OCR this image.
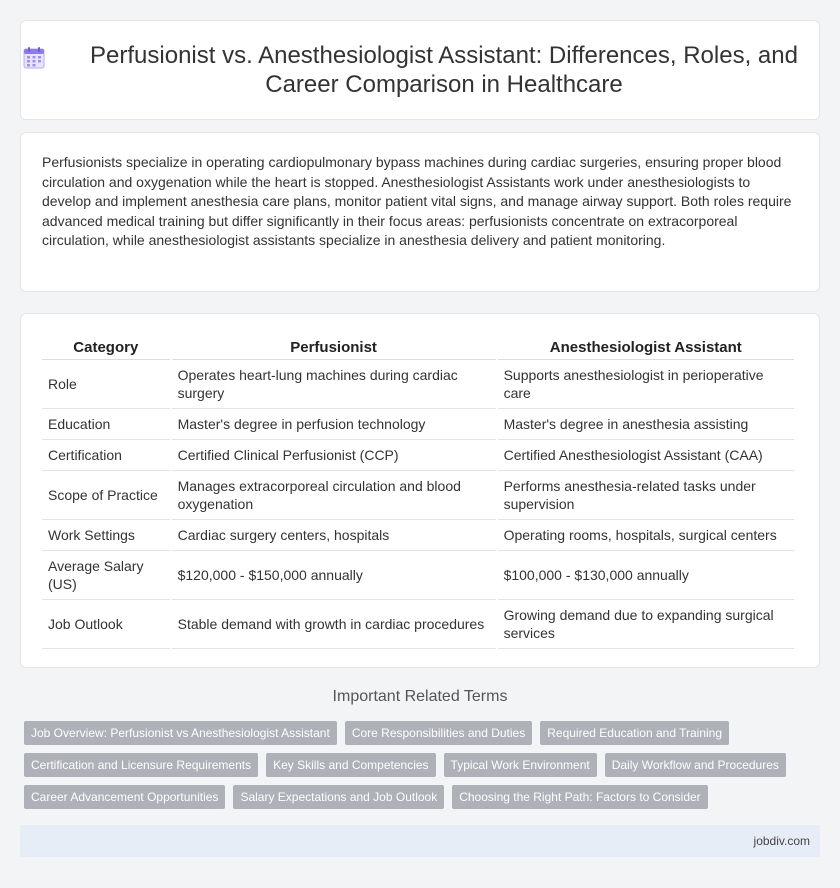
Perfusionist vs. Anesthesiologist Assistant: Differences, Roles, and Career Comparison in Healthcare

Perfusionists specialize in operating cardiopulmonary bypass machines during cardiac surgeries, ensuring proper blood circulation and oxygenation while the heart is stopped. Anesthesiologist Assistants work under anesthesiologists to develop and implement anesthesia care plans, monitor patient vital signs, and manage airway support. Both roles require advanced medical training but differ significantly in their focus areas: perfusionists concentrate on extracorporeal circulation, while anesthesiologist assistants specialize in anesthesia delivery and patient monitoring.

Category	Perfusionist	Anesthesiologist Assistant
Role	Operates heart-lung machines during cardiac surgery	Supports anesthesiologist in perioperative care
Education	Master's degree in perfusion technology	Master's degree in anesthesia assisting
Certification	Certified Clinical Perfusionist (CCP)	Certified Anesthesiologist Assistant (CAA)
Scope of Practice	Manages extracorporeal circulation and blood oxygenation	Performs anesthesia-related tasks under supervision
Work Settings	Cardiac surgery centers, hospitals	Operating rooms, hospitals, surgical centers
Average Salary (US)	$120,000 - $150,000 annually	$100,000 - $130,000 annually
Job Outlook	Stable demand with growth in cardiac procedures	Growing demand due to expanding surgical services
Important Related Terms
Job Overview: Perfusionist vs Anesthesiologist Assistant	Core Responsibilities and Duties	Required Education and Training
Certification and Licensure Requirements	Key Skills and Competencies	Typical Work Environment	Daily Workflow and Procedures
Career Advancement Opportunities	Salary Expectations and Job Outlook	Choosing the Right Path: Factors to Consider
jobdiv.com
